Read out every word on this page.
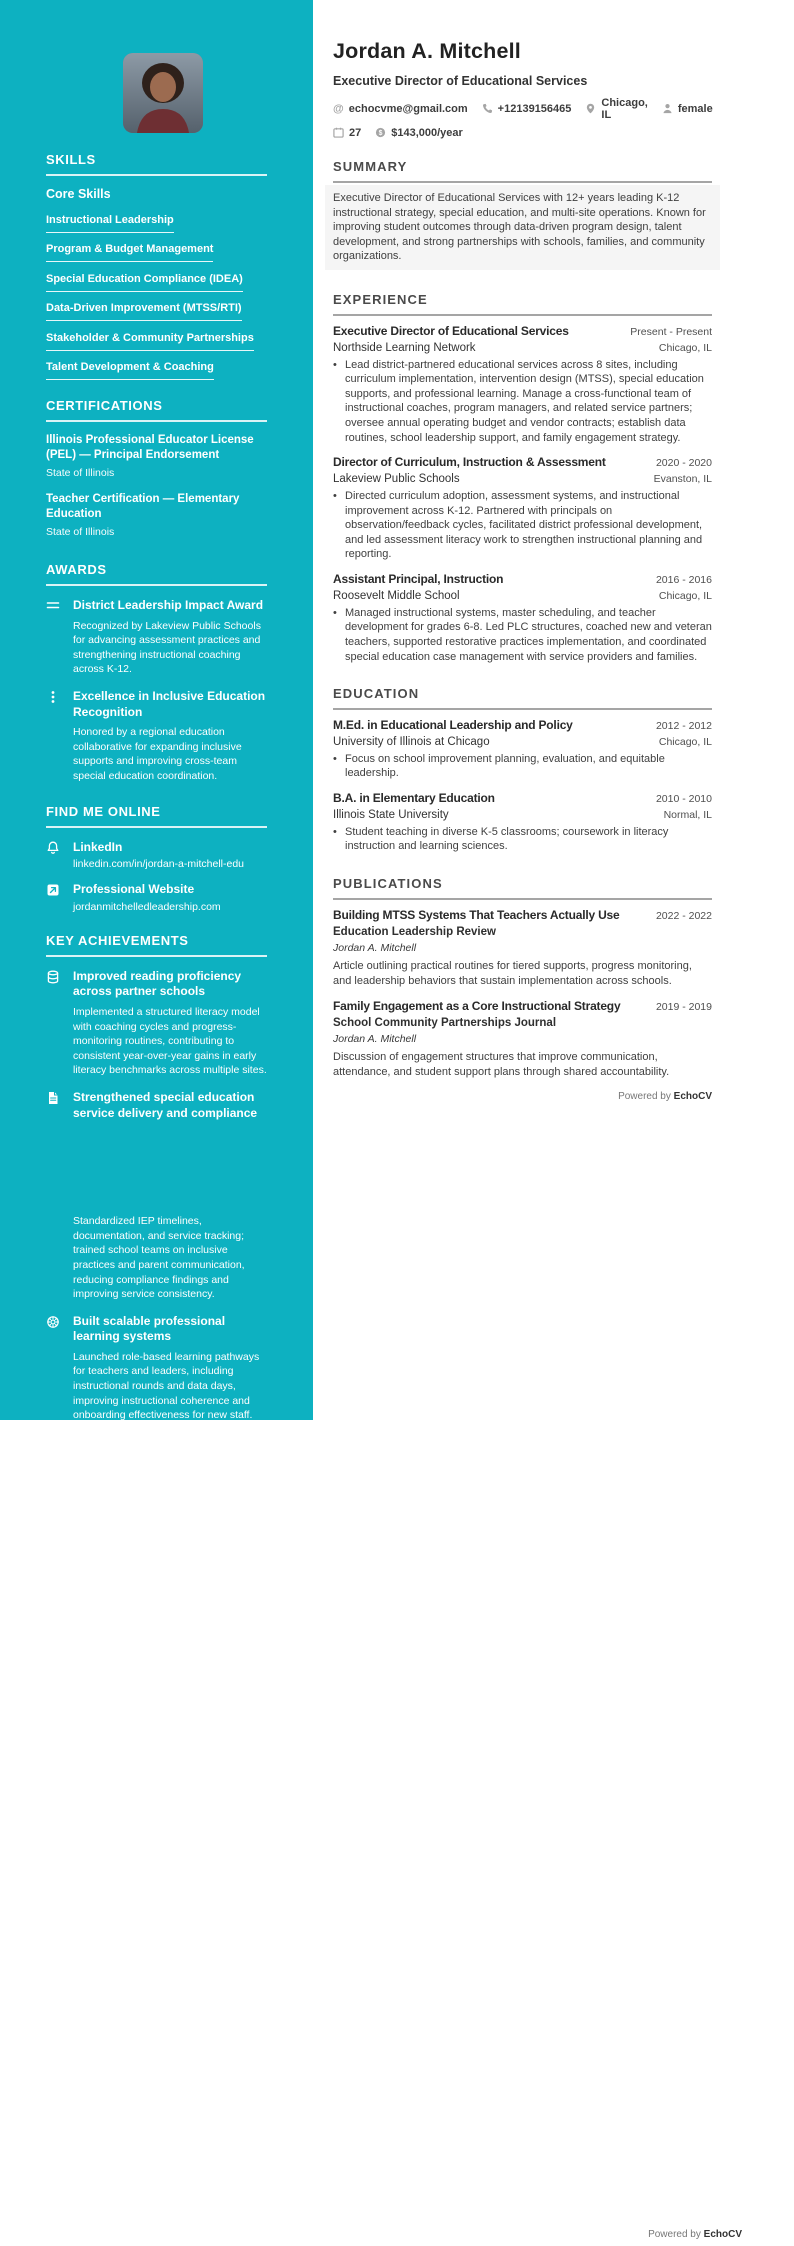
SKILLS
Core Skills
Instructional Leadership
Program & Budget Management
Special Education Compliance (IDEA)
Data-Driven Improvement (MTSS/RTI)
Stakeholder & Community Partnerships
Talent Development & Coaching
CERTIFICATIONS
Illinois Professional Educator License (PEL) — Principal Endorsement
State of Illinois
Teacher Certification — Elementary Education
State of Illinois
AWARDS
District Leadership Impact Award
Recognized by Lakeview Public Schools for advancing assessment practices and strengthening instructional coaching across K-12.
Excellence in Inclusive Education Recognition
Honored by a regional education collaborative for expanding inclusive supports and improving cross-team special education coordination.
FIND ME ONLINE
LinkedIn
linkedin.com/in/jordan-a-mitchell-edu
Professional Website
jordanmitchelledleadership.com
KEY ACHIEVEMENTS
Improved reading proficiency across partner schools
Implemented a structured literacy model with coaching cycles and progress-monitoring routines, contributing to consistent year-over-year gains in early literacy benchmarks across multiple sites.
Strengthened special education service delivery and compliance
Standardized IEP timelines, documentation, and service tracking; trained school teams on inclusive practices and parent communication, reducing compliance findings and improving service consistency.
Built scalable professional learning systems
Launched role-based learning pathways for teachers and leaders, including instructional rounds and data days, improving instructional coherence and onboarding effectiveness for new staff.
Jordan A. Mitchell
Executive Director of Educational Services
@ echocvme@gmail.com	+12139156465	Chicago, IL	female
27 $ $143,000/year
SUMMARY

Executive Director of Educational Services with 12+ years leading K-12 instructional strategy, special education, and multi-site operations. Known for improving student outcomes through data-driven program design, talent development, and strong partnerships with schools, families, and community organizations.

EXPERIENCE
Executive Director of Educational Services	Present - Present
Northside Learning Network	Chicago, IL
• Lead district-partnered educational services across 8 sites, including curriculum implementation, intervention design (MTSS), special education supports, and professional learning. Manage a cross-functional team of instructional coaches, program managers, and related service partners; oversee annual operating budget and vendor contracts; establish data routines, school leadership support, and family engagement strategy.
Director of Curriculum, Instruction & Assessment	2020 - 2020
Lakeview Public Schools	Evanston, IL
• Directed curriculum adoption, assessment systems, and instructional improvement across K-12. Partnered with principals on observation/feedback cycles, facilitated district professional development, and led assessment literacy work to strengthen instructional planning and reporting.
Assistant Principal, Instruction	2016 - 2016
Roosevelt Middle School	Chicago, IL
• Managed instructional systems, master scheduling, and teacher development for grades 6-8. Led PLC structures, coached new and veteran teachers, supported restorative practices implementation, and coordinated special education case management with service providers and families.
EDUCATION
M.Ed. in Educational Leadership and Policy	2012 - 2012
University of Illinois at Chicago	Chicago, IL
• Focus on school improvement planning, evaluation, and equitable leadership.
B.A. in Elementary Education	2010 - 2010
Illinois State University	Normal, IL
• Student teaching in diverse K-5 classrooms; coursework in literacy instruction and learning sciences.
PUBLICATIONS
Building MTSS Systems That Teachers Actually Use
Education Leadership Review
Jordan A. Mitchell
2022 - 2022
Article outlining practical routines for tiered supports, progress monitoring, and leadership behaviors that sustain implementation across schools.
Family Engagement as a Core Instructional Strategy
School Community Partnerships Journal
Jordan A. Mitchell
2019 - 2019
Discussion of engagement structures that improve communication, attendance, and student support plans through shared accountability.
Powered by EchoCV
Powered by EchoCV
